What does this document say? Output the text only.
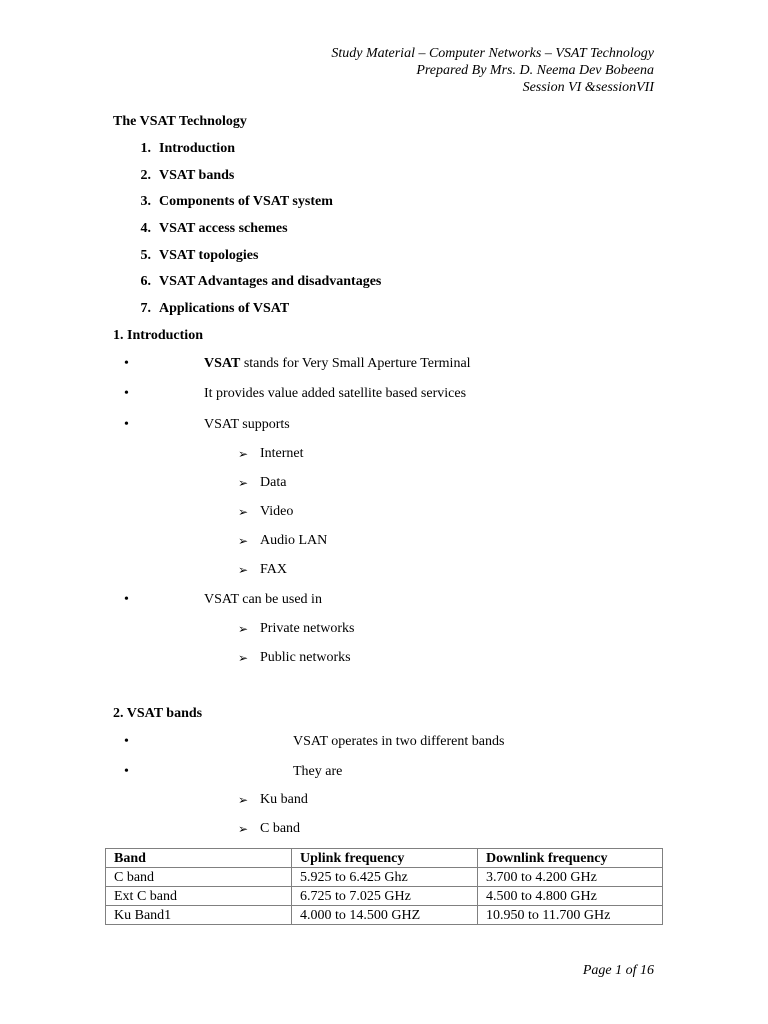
Study Material – Computer Networks – VSAT Technology
Prepared By Mrs. D. Neema Dev Bobeena
Session VI &sessionVII
The VSAT Technology
1. Introduction
2. VSAT bands
3. Components of VSAT system
4. VSAT access schemes
5. VSAT topologies
6. VSAT Advantages and disadvantages
7. Applications of VSAT
1. Introduction
•	VSAT stands for Very Small Aperture Terminal
•	It provides value added satellite based services
•	VSAT supports
➢ Internet
➢ Data
➢ Video
➢ Audio LAN
➢ FAX
•	VSAT can be used in
➢ Private networks
➢ Public networks
2. VSAT bands
•	VSAT operates in two different bands
•	They are
➢ Ku band
➢ C band
Band	Uplink frequency	Downlink frequency
C band	5.925 to 6.425 Ghz	3.700 to 4.200 GHz
Ext C band	6.725 to 7.025 GHz	4.500 to 4.800 GHz
Ku Band1	4.000 to 14.500 GHZ	10.950 to 11.700 GHz
Page 1 of 16
